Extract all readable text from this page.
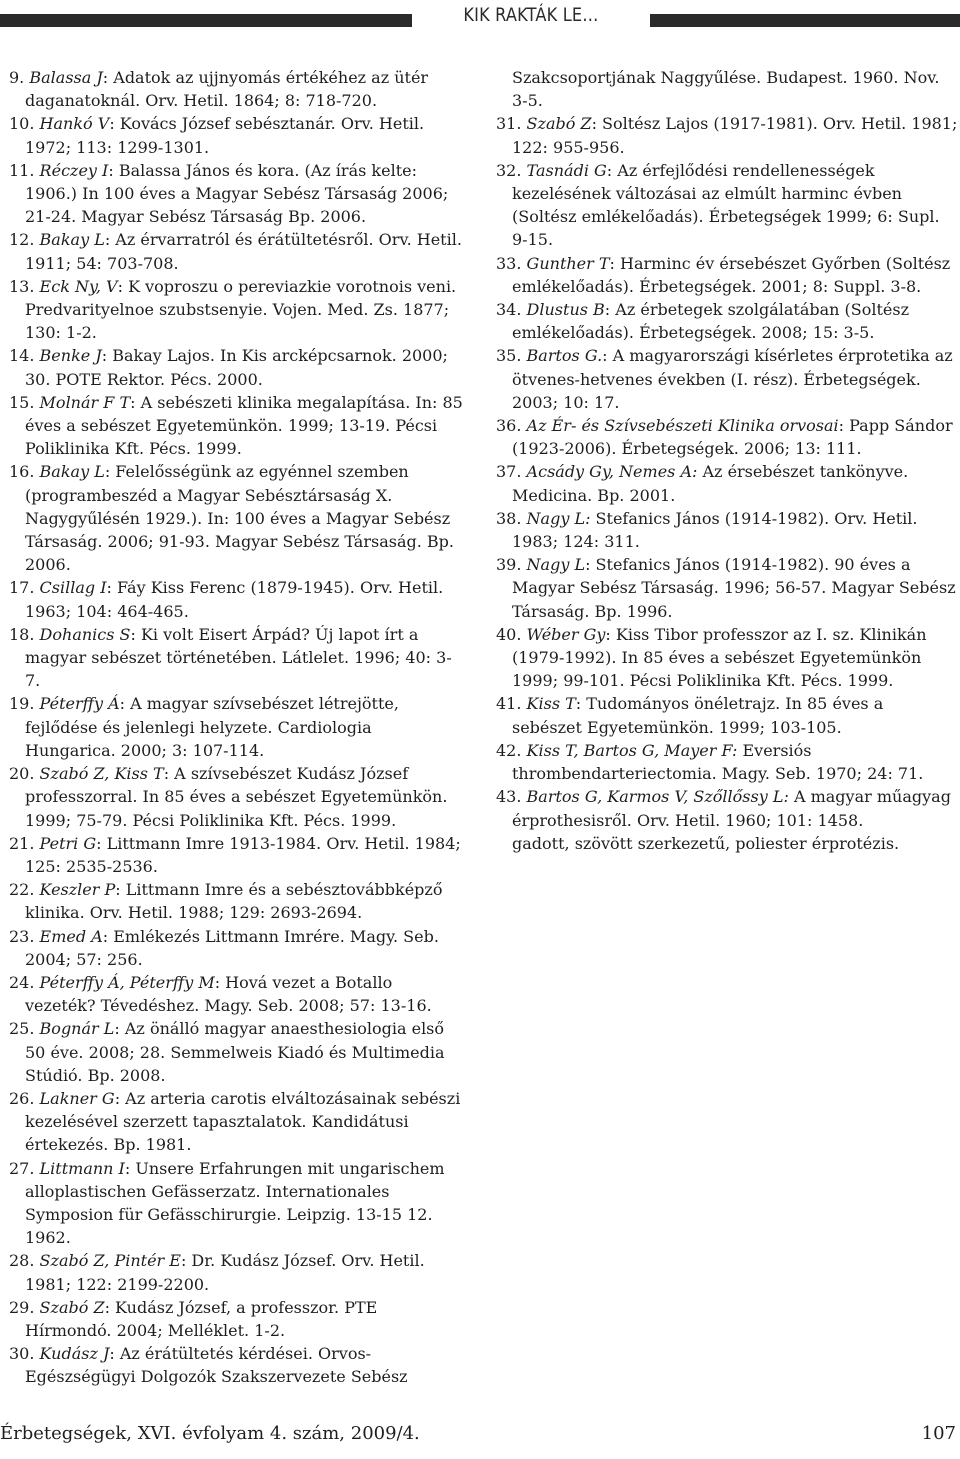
KIK RAKTÁK LE…

9. Balassa J: Adatok az ujjnyomás értékéhez az ütér daganatoknál. Orv. Hetil. 1864; 8: 718-720.

10. Hankó V: Kovács József sebésztanár. Orv. Hetil. 1972; 113: 1299-1301.

11. Réczey I: Balassa János és kora. (Az írás kelte: 1906.) In 100 éves a Magyar Sebész Társaság 2006; 21-24. Magyar Sebész Társaság Bp. 2006.

12. Bakay L: Az érvarratról és érátültetésről. Orv. Hetil. 1911; 54: 703-708.

13. Eck Ny, V: K voproszu o pereviazkie vorotnois veni. Predvarityelnoe szubstsenyie. Vojen. Med. Zs. 1877; 130: 1-2.

14. Benke J: Bakay Lajos. In Kis arcképcsarnok. 2000; 30. POTE Rektor. Pécs. 2000.

15. Molnár F T: A sebészeti klinika megalapítása. In: 85 éves a sebészet Egyetemünkön. 1999; 13-19. Pécsi Poliklinika Kft. Pécs. 1999.

16. Bakay L: Felelősségünk az egyénnel szemben (programbeszéd a Magyar Sebésztársaság X. Nagygyűlésén 1929.). In: 100 éves a Magyar Sebész Társaság. 2006; 91-93. Magyar Sebész Társaság. Bp. 2006.

17. Csillag I: Fáy Kiss Ferenc (1879-1945). Orv. Hetil. 1963; 104: 464-465.

18. Dohanics S: Ki volt Eisert Árpád? Új lapot írt a magyar sebészet történetében. Látlelet. 1996; 40: 3-7.

19. Péterffy Á: A magyar szívsebészet létrejötte, fejlődése és jelenlegi helyzete. Cardiologia Hungarica. 2000; 3: 107-114.

20. Szabó Z, Kiss T: A szívsebészet Kudász József professzorral. In 85 éves a sebészet Egyetemünkön. 1999; 75-79. Pécsi Poliklinika Kft. Pécs. 1999.

21. Petri G: Littmann Imre 1913-1984. Orv. Hetil. 1984; 125: 2535-2536.

22. Keszler P: Littmann Imre és a sebésztovábbképző klinika. Orv. Hetil. 1988; 129: 2693-2694.

23. Emed A: Emlékezés Littmann Imrére. Magy. Seb. 2004; 57: 256.

24. Péterffy Á, Péterffy M: Hová vezet a Botallo vezeték? Tévedéshez. Magy. Seb. 2008; 57: 13-16.

25. Bognár L: Az önálló magyar anaesthesiologia első 50 éve. 2008; 28. Semmelweis Kiadó és Multimedia Stúdió. Bp. 2008.

26. Lakner G: Az arteria carotis elváltozásainak sebészi kezelésével szerzett tapasztalatok. Kandidátusi értekezés. Bp. 1981.

27. Littmann I: Unsere Erfahrungen mit ungarischem alloplastischen Gefässerzatz. Internationales Symposion für Gefässchirurgie. Leipzig. 13-15 12. 1962.

28. Szabó Z, Pintér E: Dr. Kudász József. Orv. Hetil. 1981; 122: 2199-2200.

29. Szabó Z: Kudász József, a professzor. PTE Hírmondó. 2004; Melléklet. 1-2.

30. Kudász J: Az érátültetés kérdései. Orvos-Egészségügyi Dolgozók Szakszervezete Sebész

Szakcsoportjának Naggyűlése. Budapest. 1960. Nov. 3-5.

31. Szabó Z: Soltész Lajos (1917-1981). Orv. Hetil. 1981; 122: 955-956.

32. Tasnádi G: Az érfejlődési rendellenességek kezelésének változásai az elmúlt harminc évben (Soltész emlékelőadás). Érbetegségek 1999; 6: Supl. 9-15.

33. Gunther T: Harminc év érsebészet Győrben (Soltész emlékelőadás). Érbetegségek. 2001; 8: Suppl. 3-8.

34. Dlustus B: Az érbetegek szolgálatában (Soltész emlékelőadás). Érbetegségek. 2008; 15: 3-5.

35. Bartos G.: A magyarországi kísérletes érprotetika az ötvenes-hetvenes években (I. rész). Érbetegségek. 2003; 10: 17.

36. Az Ér- és Szívsebészeti Klinika orvosai: Papp Sándor (1923-2006). Érbetegségek. 2006; 13: 111.

37. Acsády Gy, Nemes A: Az érsebészet tankönyve. Medicina. Bp. 2001.

38. Nagy L: Stefanics János (1914-1982). Orv. Hetil. 1983; 124: 311.

39. Nagy L: Stefanics János (1914-1982). 90 éves a Magyar Sebész Társaság. 1996; 56-57. Magyar Sebész Társaság. Bp. 1996.

40. Wéber Gy: Kiss Tibor professzor az I. sz. Klinikán (1979-1992). In 85 éves a sebészet Egyetemünkön 1999; 99-101. Pécsi Poliklinika Kft. Pécs. 1999.

41. Kiss T: Tudományos önéletrajz. In 85 éves a sebészet Egyetemünkön. 1999; 103-105.

42. Kiss T, Bartos G, Mayer F: Eversiós thrombendarteriectomia. Magy. Seb. 1970; 24: 71.

43. Bartos G, Karmos V, Szőllőssy L: A magyar műagyag érprothesisről. Orv. Hetil. 1960; 101: 1458.

gadott, szövött szerkezetű, poliester érprotézis.

Érbetegségek, XVI. évfolyam 4. szám, 2009/4.	107
